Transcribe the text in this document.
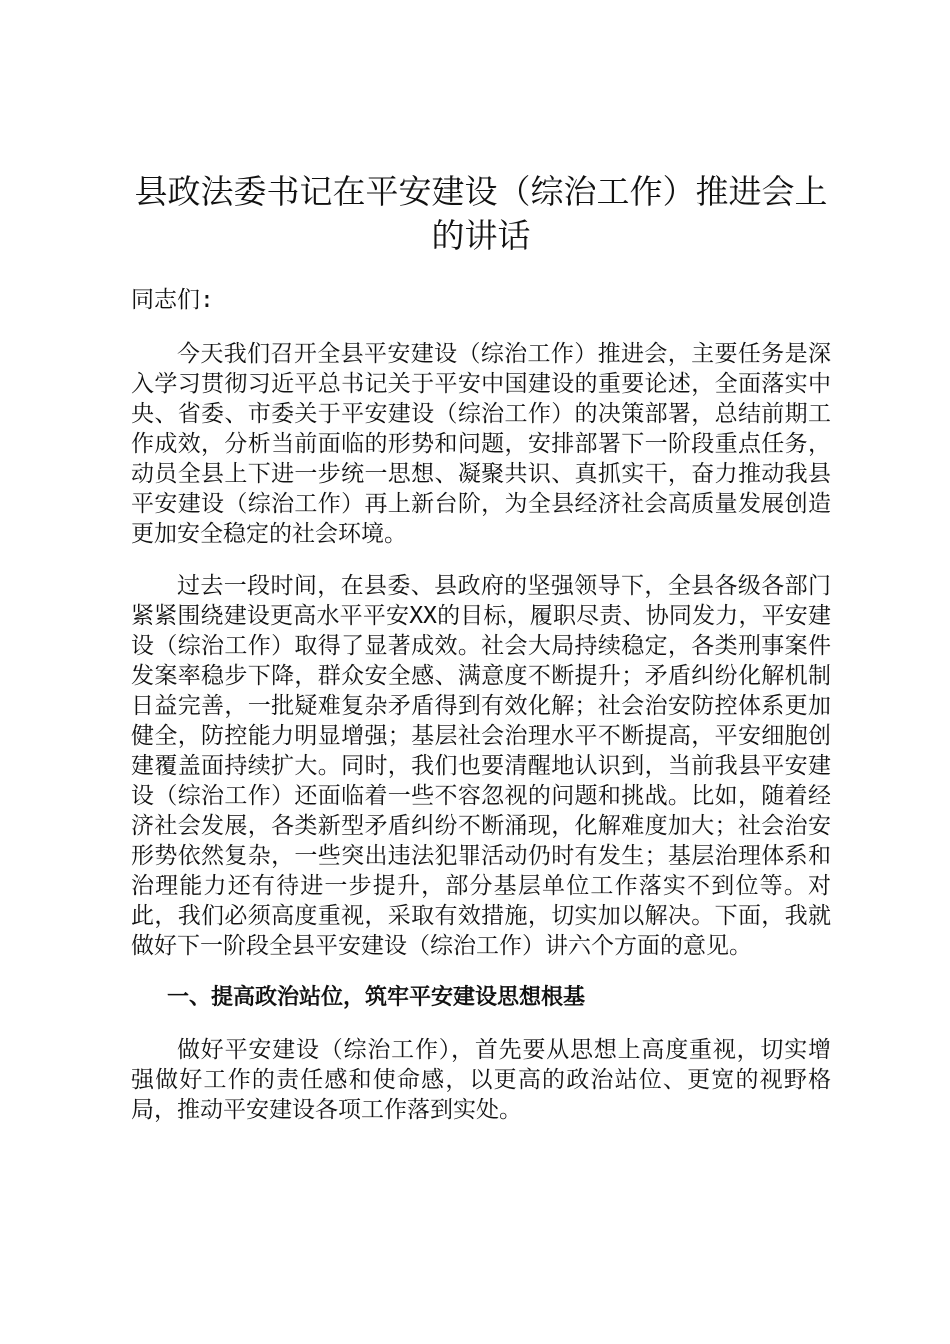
县政法委书记在平安建设（综治工作）推进会上的讲话

同志们:

今天我们召开全县平安建设（综治工作）推进会，主要任务是深入学习贯彻习近平总书记关于平安中国建设的重要论述，全面落实中央、省委、市委关于平安建设（综治工作）的决策部署，总结前期工作成效，分析当前面临的形势和问题，安排部署下一阶段重点任务，动员全县上下进一步统一思想、凝聚共识、真抓实干，奋力推动我县平安建设（综治工作）再上新台阶，为全县经济社会高质量发展创造更加安全稳定的社会环境。

过去一段时间，在县委、县政府的坚强领导下，全县各级各部门紧紧围绕建设更高水平平安XX的目标，履职尽责、协同发力，平安建设（综治工作）取得了显著成效。社会大局持续稳定，各类刑事案件发案率稳步下降，群众安全感、满意度不断提升；矛盾纠纷化解机制日益完善，一批疑难复杂矛盾得到有效化解；社会治安防控体系更加健全，防控能力明显增强；基层社会治理水平不断提高，平安细胞创建覆盖面持续扩大。同时，我们也要清醒地认识到，当前我县平安建设（综治工作）还面临着一些不容忽视的问题和挑战。比如，随着经济社会发展，各类新型矛盾纠纷不断涌现，化解难度加大；社会治安形势依然复杂，一些突出违法犯罪活动仍时有发生；基层治理体系和治理能力还有待进一步提升，部分基层单位工作落实不到位等。对此，我们必须高度重视，采取有效措施，切实加以解决。下面，我就做好下一阶段全县平安建设（综治工作）讲六个方面的意见。

一、提高政治站位，筑牢平安建设思想根基

做好平安建设（综治工作），首先要从思想上高度重视，切实增强做好工作的责任感和使命感，以更高的政治站位、更宽的视野格局，推动平安建设各项工作落到实处。
